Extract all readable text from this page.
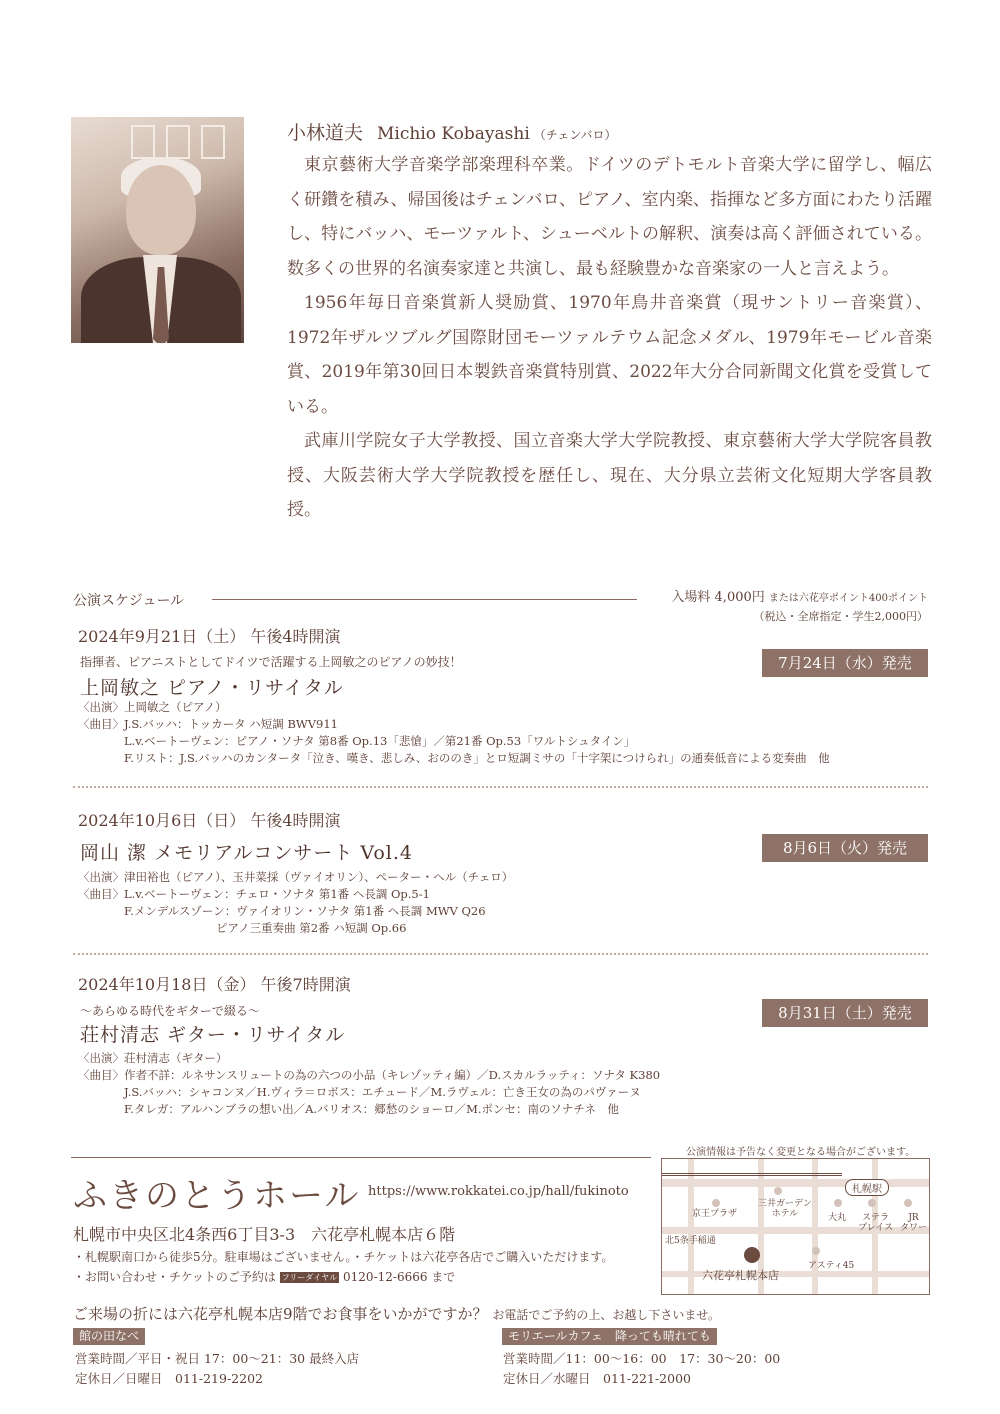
小林道夫 Michio Kobayashi （チェンバロ）

東京藝術大学音楽学部楽理科卒業。ドイツのデトモルト音楽大学に留学し、幅広く研鑽を積み、帰国後はチェンバロ、ピアノ、室内楽、指揮など多方面にわたり活躍し、特にバッハ、モーツァルト、シューベルトの解釈、演奏は高く評価されている。数多くの世界的名演奏家達と共演し、最も経験豊かな音楽家の一人と言えよう。

1956年毎日音楽賞新人奨励賞、1970年鳥井音楽賞（現サントリー音楽賞）、1972年ザルツブルグ国際財団モーツァルテウム記念メダル、1979年モービル音楽賞、2019年第30回日本製鉄音楽賞特別賞、2022年大分合同新聞文化賞を受賞している。

武庫川学院女子大学教授、国立音楽大学大学院教授、東京藝術大学大学院客員教授、大阪芸術大学大学院教授を歴任し、現在、大分県立芸術文化短期大学客員教授。

公演スケジュール	入場料 4,000円 または六花亭ポイント400ポイント
（税込・全席指定・学生2,000円）
2024年9月21日（土） 午後4時開演
指揮者、ピアニストとしてドイツで活躍する上岡敏之のピアノの妙技！
上岡敏之 ピアノ・リサイタル
〈出演〉上岡敏之（ピアノ）
〈曲目〉J.S.バッハ：トッカータ ハ短調 BWV911
　　　　L.v.ベートーヴェン：ピアノ・ソナタ 第8番 Op.13「悲愴」／第21番 Op.53「ワルトシュタイン」
　　　　F.リスト：J.S.バッハのカンタータ「泣き、嘆き、悲しみ、おののき」とロ短調ミサの「十字架につけられ」の通奏低音による変奏曲　他
7月24日（水）発売
2024年10月6日（日） 午後4時開演
岡山 潔 メモリアルコンサート Vol.4
〈出演〉津田裕也（ピアノ）、玉井菜採（ヴァイオリン）、ペーター・ヘル（チェロ）
〈曲目〉L.v.ベートーヴェン：チェロ・ソナタ 第1番 ヘ長調 Op.5-1
　　　　F.メンデルスゾーン：ヴァイオリン・ソナタ 第1番 ヘ長調 MWV Q26
　　　　　　　　　　　　ピアノ三重奏曲 第2番 ハ短調 Op.66
8月6日（火）発売
2024年10月18日（金） 午後7時開演
～あらゆる時代をギターで綴る～
荘村清志 ギター・リサイタル
〈出演〉荘村清志（ギター）
〈曲目〉作者不詳：ルネサンスリュートの為の六つの小品（キレゾッティ編）／D.スカルラッティ：ソナタ K380
　　　　J.S.バッハ：シャコンヌ／H.ヴィラ＝ロボス：エチュード／M.ラヴェル：亡き王女の為のパヴァーヌ
　　　　F.タレガ：アルハンブラの想い出／A.バリオス：郷愁のショーロ／M.ポンセ：南のソナチネ　他
8月31日（土）発売
公演情報は予告なく変更となる場合がございます。
ふきのとうホール https://www.rokkatei.co.jp/hall/fukinoto
札幌市中央区北4条西6丁目3-3　六花亭札幌本店６階
・札幌駅南口から徒歩5分。駐車場はございません。・チケットは六花亭各店でご購入いただけます。
・お問い合わせ・チケットのご予約は フリーダイヤル 0120-12-6666 まで
札幌駅
京王プラザ
三井ガーデン
ホテル	大丸	ステラ
プレイス
JR
タワー
北5条手稲通
アスティ45
六花亭札幌本店
ご来場の折には六花亭札幌本店9階でお食事をいかがですか？ お電話でご予約の上、お越し下さいませ。
館の田なべ
営業時間／平日・祝日 17：00～21：30 最終入店
定休日／日曜日　011-219-2202
モリエールカフェ　降っても晴れても
営業時間／11：00～16：00　17：30～20：00
定休日／水曜日　011-221-2000
